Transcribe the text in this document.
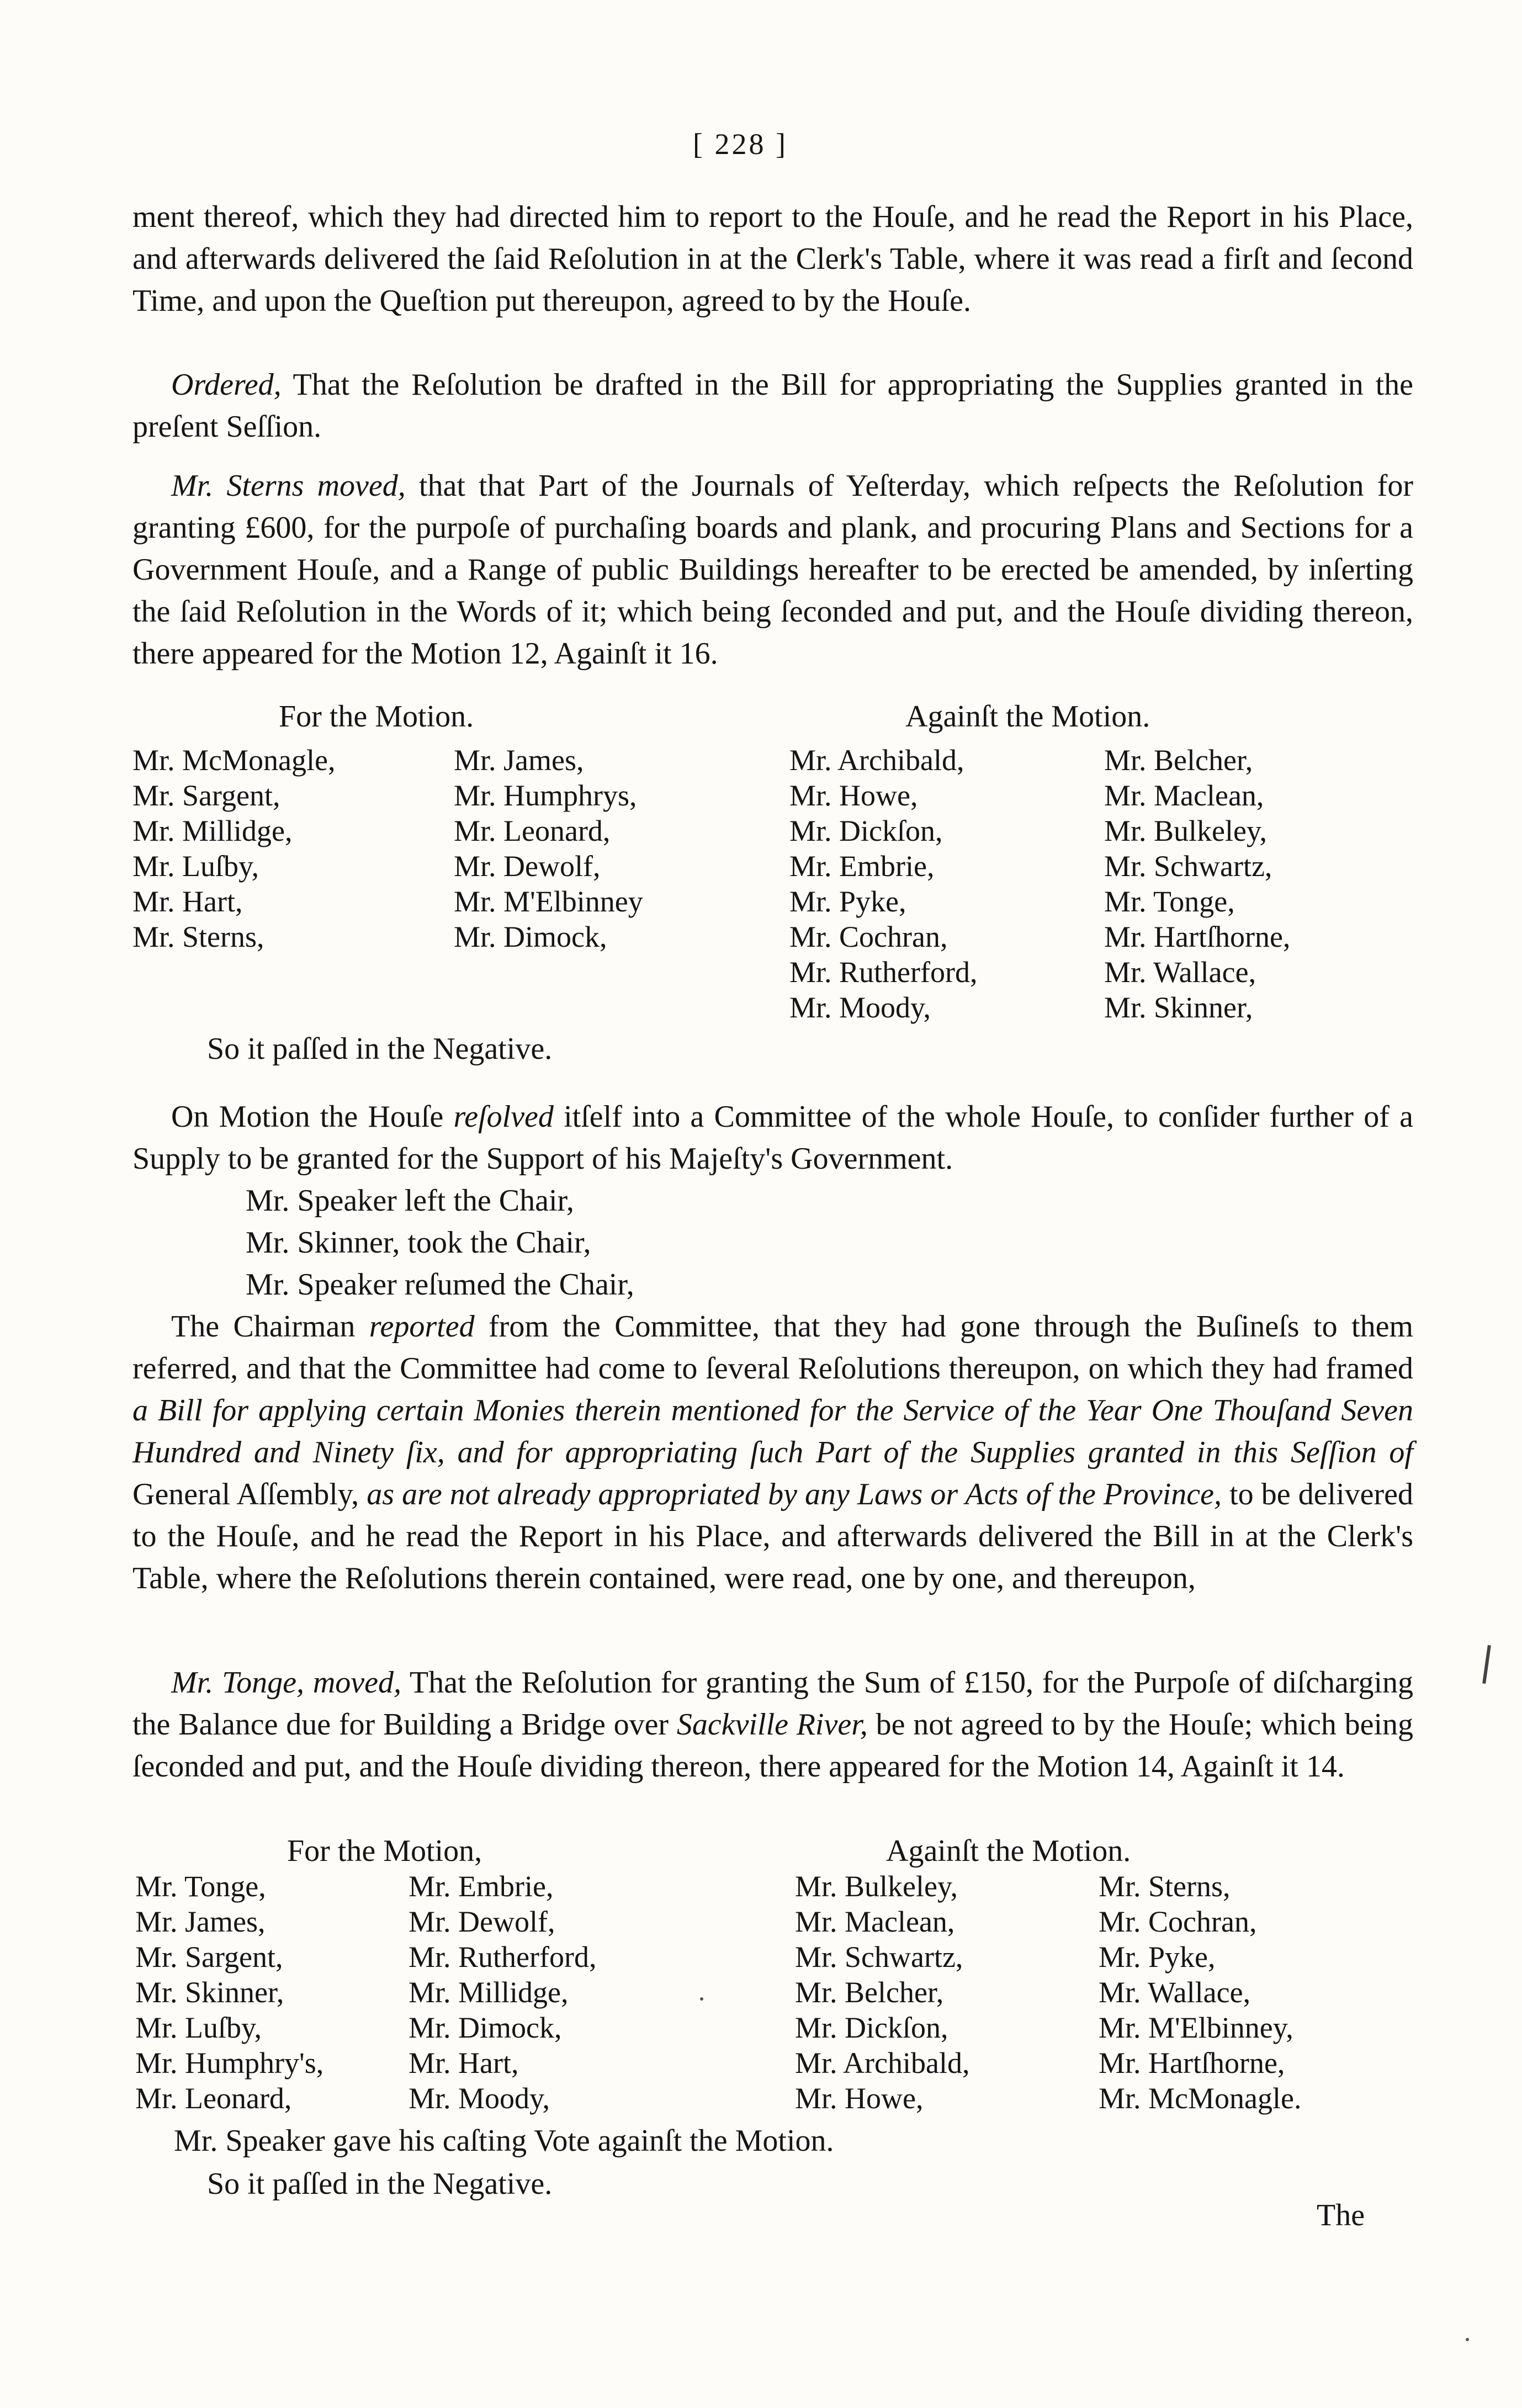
[ 228 ]

ment thereof, which they had directed him to report to the Houſe, and he read the Report in his Place, and afterwards delivered the ſaid Reſolution in at the Clerk's Table, where it was read a firſt and ſecond Time, and upon the Queſtion put thereupon, agreed to by the Houſe.

Ordered, That the Reſolution be drafted in the Bill for appropriating the Supplies granted in the preſent Seſſion.

Mr. Sterns moved, that that Part of the Journals of Yeſterday, which reſpects the Reſolution for granting £600, for the purpoſe of purchaſing boards and plank, and procuring Plans and Sections for a Government Houſe, and a Range of public Buildings hereafter to be erected be amended, by inſerting the ſaid Reſolution in the Words of it; which being ſeconded and put, and the Houſe dividing thereon, there appeared for the Motion 12, Againſt it 16.

For the Motion.	Againſt the Motion.
Mr. McMonagle,
Mr. Sargent,
Mr. Millidge,
Mr. Luſby,
Mr. Hart,
Mr. Sterns,
Mr. James,
Mr. Humphrys,
Mr. Leonard,
Mr. Dewolf,
Mr. M'Elbinney
Mr. Dimock,
Mr. Archibald,
Mr. Howe,
Mr. Dickſon,
Mr. Embrie,
Mr. Pyke,
Mr. Cochran,
Mr. Rutherford,
Mr. Moody,
Mr. Belcher,
Mr. Maclean,
Mr. Bulkeley,
Mr. Schwartz,
Mr. Tonge,
Mr. Hartſhorne,
Mr. Wallace,
Mr. Skinner,
So it paſſed in the Negative.

On Motion the Houſe reſolved itſelf into a Committee of the whole Houſe, to conſider further of a Supply to be granted for the Support of his Majeſty's Government.

Mr. Speaker left the Chair,
Mr. Skinner, took the Chair,
Mr. Speaker reſumed the Chair,

The Chairman reported from the Committee, that they had gone through the Buſineſs to them referred, and that the Committee had come to ſeveral Reſolutions thereupon, on which they had framed a Bill for applying certain Monies therein mentioned for the Service of the Year One Thouſand Seven Hundred and Ninety ſix, and for appropriating ſuch Part of the Supplies granted in this Seſſion of General Aſſembly, as are not already appropriated by any Laws or Acts of the Province, to be delivered to the Houſe, and he read the Report in his Place, and afterwards delivered the Bill in at the Clerk's Table, where the Reſolutions therein contained, were read, one by one, and thereupon,

Mr. Tonge, moved, That the Reſolution for granting the Sum of £150, for the Purpoſe of diſcharging the Balance due for Building a Bridge over Sackville River, be not agreed to by the Houſe; which being ſeconded and put, and the Houſe dividing thereon, there appeared for the Motion 14, Againſt it 14.

For the Motion,	Againſt the Motion.
Mr. Tonge,
Mr. James,
Mr. Sargent,
Mr. Skinner,
Mr. Luſby,
Mr. Humphry's,
Mr. Leonard,
Mr. Embrie,
Mr. Dewolf,
Mr. Rutherford,
Mr. Millidge,
Mr. Dimock,
Mr. Hart,
Mr. Moody,
Mr. Bulkeley,
Mr. Maclean,
Mr. Schwartz,
Mr. Belcher,
Mr. Dickſon,
Mr. Archibald,
Mr. Howe,
Mr. Sterns,
Mr. Cochran,
Mr. Pyke,
Mr. Wallace,
Mr. M'Elbinney,
Mr. Hartſhorne,
Mr. McMonagle.
Mr. Speaker gave his caſting Vote againſt the Motion.
So it paſſed in the Negative.
The
